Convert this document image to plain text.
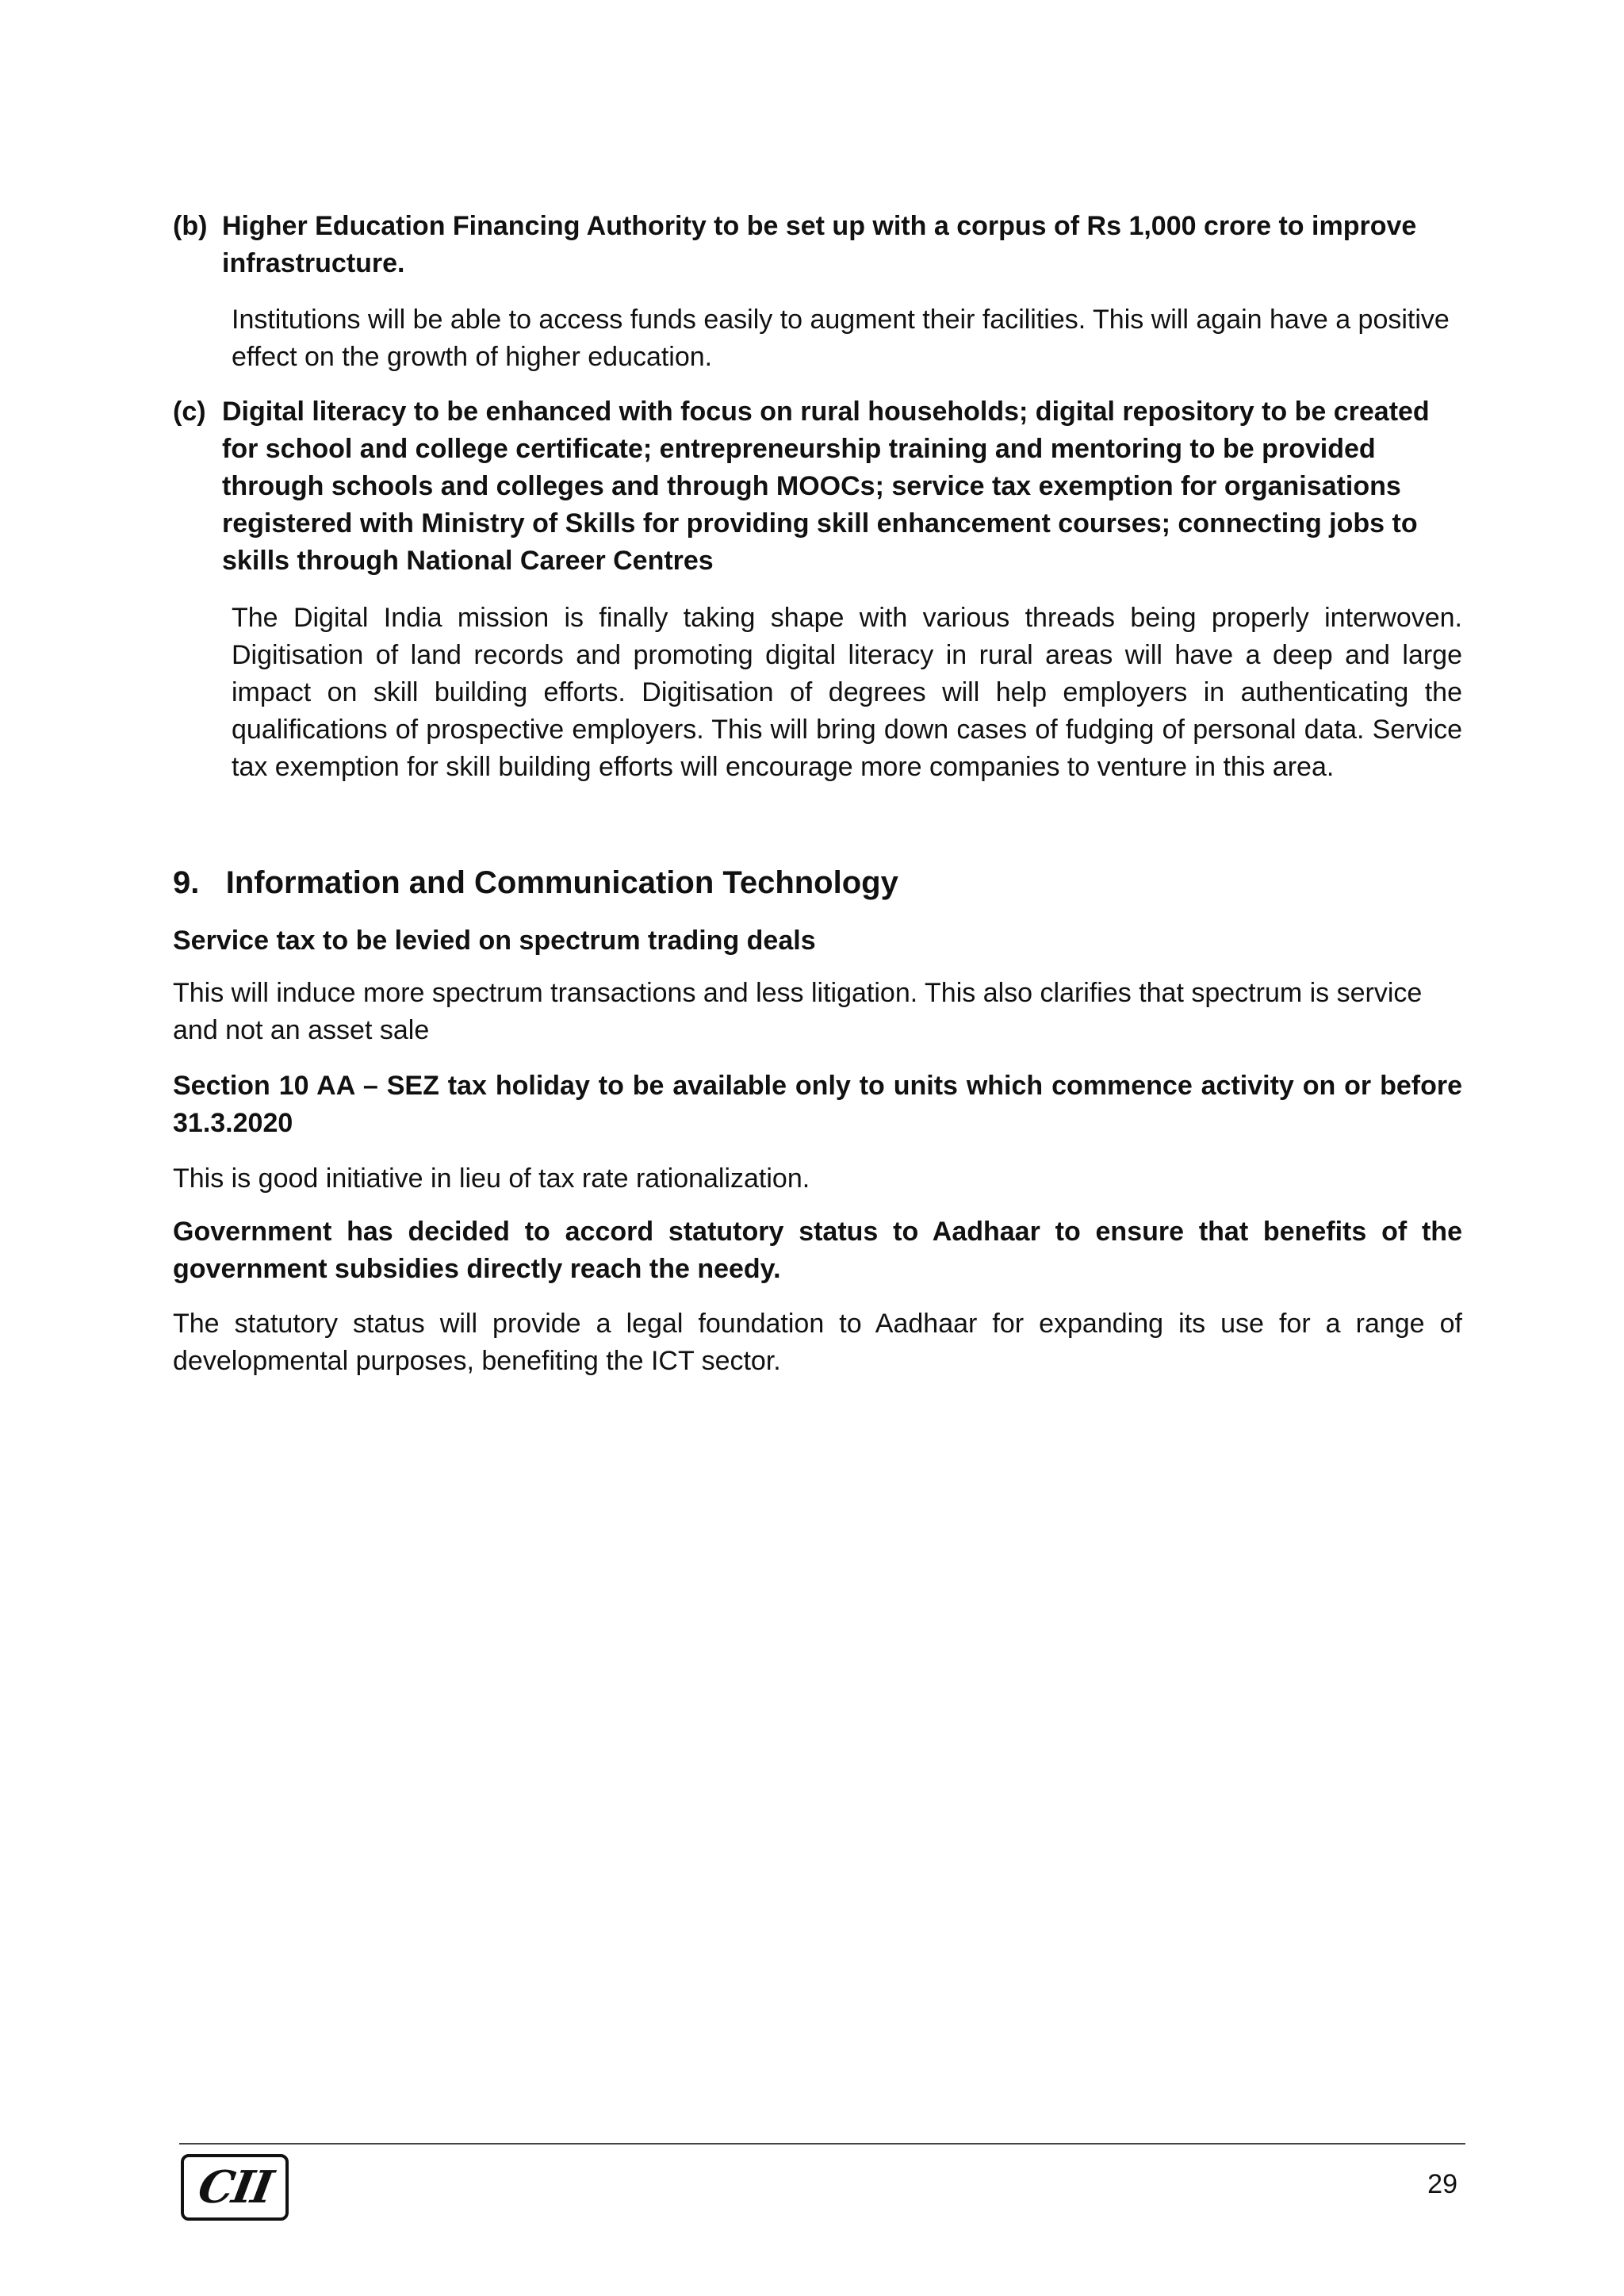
(b) Higher Education Financing Authority to be set up with a corpus of Rs 1,000 crore to improve infrastructure.

Institutions will be able to access funds easily to augment their facilities. This will again have a positive effect on the growth of higher education.

(c) Digital literacy to be enhanced with focus on rural households; digital repository to be created for school and college certificate; entrepreneurship training and mentoring to be provided through schools and colleges and through MOOCs; service tax exemption for organisations registered with Ministry of Skills for providing skill enhancement courses; connecting jobs to skills through National Career Centres

The Digital India mission is finally taking shape with various threads being properly interwoven. Digitisation of land records and promoting digital literacy in rural areas will have a deep and large impact on skill building efforts. Digitisation of degrees will help employers in authenticating the qualifications of prospective employers. This will bring down cases of fudging of personal data. Service tax exemption for skill building efforts will encourage more companies to venture in this area.

9.   Information and Communication Technology

Service tax to be levied on spectrum trading deals

This will induce more spectrum transactions and less litigation. This also clarifies that spectrum is service and not an asset sale

Section 10 AA – SEZ tax holiday to be available only to units which commence activity on or before 31.3.2020

This is good initiative in lieu of tax rate rationalization.

Government has decided to accord statutory status to Aadhaar to ensure that benefits of the government subsidies directly reach the needy.

The statutory status will provide a legal foundation to Aadhaar for expanding its use for a range of developmental purposes, benefiting the ICT sector.

CII	29
